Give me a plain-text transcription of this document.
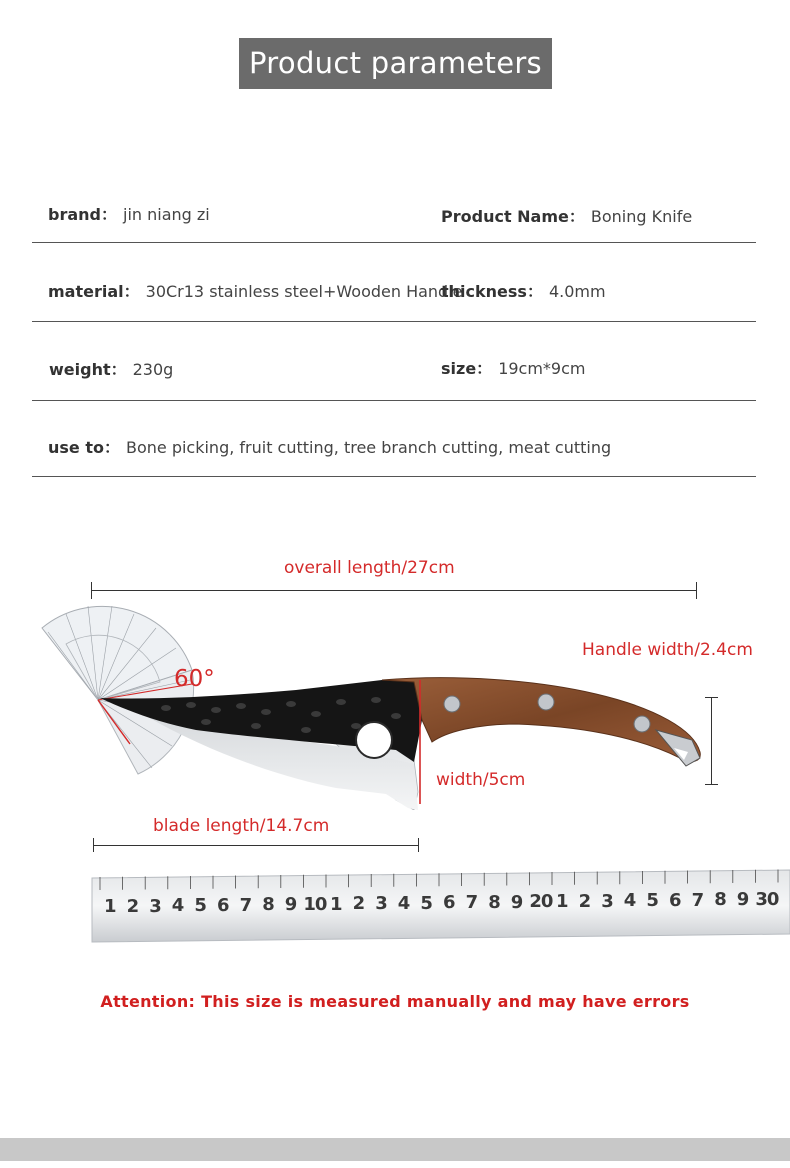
Product parameters
brand： jin niang zi	Product Name： Boning Knife
material： 30Cr13 stainless steel+Wooden Handle
thickness： 4.0mm
weight： 230g	size： 19cm*9cm
use to： Bone picking, fruit cutting, tree branch cutting, meat cutting
overall length/27cm
Handle width/2.4cm
width/5cm
blade length/14.7cm
60°
1 2 3 4 5 6 7 8 9 10 1 2 3 4 5 6 7 8 9 20 1 2 3 4 5 6 7 8 9 30
Attention: This size is measured manually and may have errors
